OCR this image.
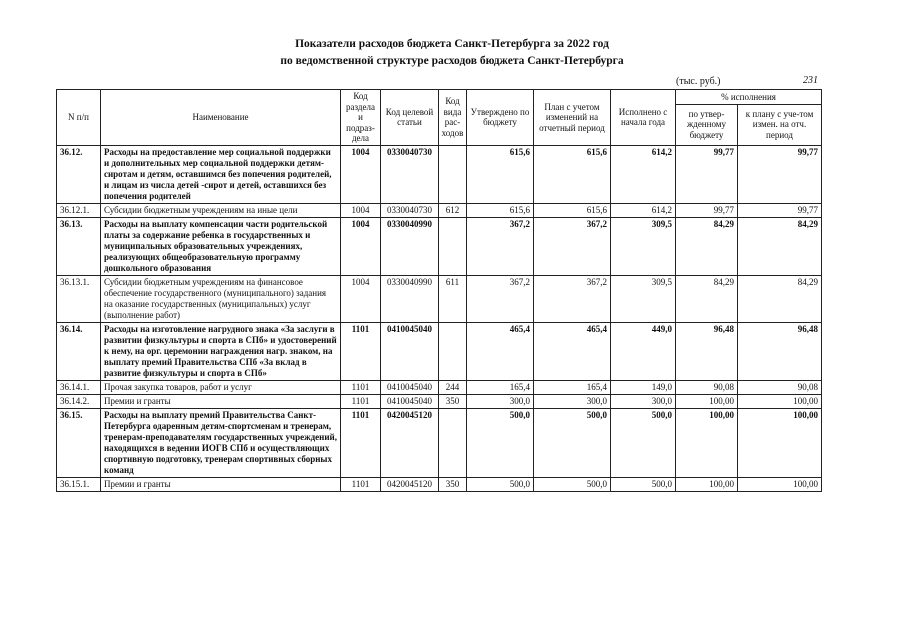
Показатели расходов бюджета Санкт-Петербурга за 2022 год
по ведомственной структуре расходов бюджета Санкт-Петербурга
(тыс. руб.)	231
N п/п	Наименование	Код раздела и подраз-дела	Код целевой статьи	Код вида рас-ходов	Утверждено по бюджету	План с учетом изменений на отчетный период	Исполнено с начала года	% исполнения	
								по утвер-жденному бюджету	к плану с уче-том измен. на отч. период
36.12.	Расходы на предоставление мер социальной поддержки и дополнительных мер социальной поддержки детям-сиротам и детям, оставшимся без попечения родителей, и лицам из числа детей -сирот и детей, оставшихся без попечения родителей	1004	0330040730		615,6	615,6	614,2	99,77	99,77
36.12.1.	Субсидии бюджетным учреждениям на иные цели	1004	0330040730	612	615,6	615,6	614,2	99,77	99,77
36.13.	Расходы на выплату компенсации части родительской платы за содержание ребенка в государственных и муниципальных образовательных учреждениях, реализующих общеобразовательную программу дошкольного образования	1004	0330040990		367,2	367,2	309,5	84,29	84,29
36.13.1.	Субсидии бюджетным учреждениям на финансовое обеспечение государственного (муниципального) задания на оказание государственных (муниципальных) услуг (выполнение работ)	1004	0330040990	611	367,2	367,2	309,5	84,29	84,29
36.14.	Расходы на изготовление нагрудного знака «За заслуги в развитии физкультуры и спорта в СПб» и удостоверений к нему, на орг. церемонии награждения нагр. знаком, на выплату премий Правительства СПб «За вклад в развитие физкультуры и спорта в СПб»	1101	0410045040		465,4	465,4	449,0	96,48	96,48
36.14.1.	Прочая закупка товаров, работ и услуг	1101	0410045040	244	165,4	165,4	149,0	90,08	90,08
36.14.2.	Премии и гранты	1101	0410045040	350	300,0	300,0	300,0	100,00	100,00
36.15.	Расходы на выплату премий Правительства Санкт-Петербурга одаренным детям-спортсменам и тренерам, тренерам-преподавателям государственных учреждений, находящихся в ведении ИОГВ СПб и осуществляющих спортивную подготовку, тренерам спортивных сборных команд	1101	0420045120		500,0	500,0	500,0	100,00	100,00
36.15.1.	Премии и гранты	1101	0420045120	350	500,0	500,0	500,0	100,00	100,00
